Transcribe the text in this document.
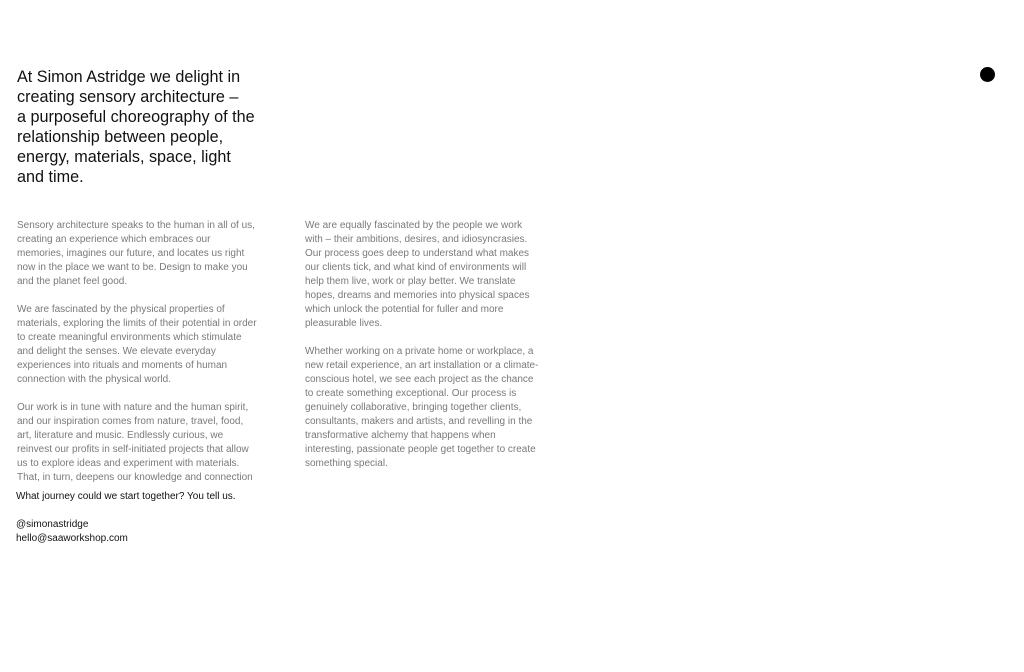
At Simon Astridge we delight in
creating sensory architecture –
a purposeful choreography of the
relationship between people,
energy, materials, space, light
and time.

Sensory architecture speaks to the human in all of us,
creating an experience which embraces our
memories, imagines our future, and locates us right
now in the place we want to be. Design to make you
and the planet feel good.

We are fascinated by the physical properties of
materials, exploring the limits of their potential in order
to create meaningful environments which stimulate
and delight the senses. We elevate everyday
experiences into rituals and moments of human
connection with the physical world.

Our work is in tune with nature and the human spirit,
and our inspiration comes from nature, travel, food,
art, literature and music. Endlessly curious, we
reinvest our profits in self-initiated projects that allow
us to explore ideas and experiment with materials.
That, in turn, deepens our knowledge and connection

We are equally fascinated by the people we work
with – their ambitions, desires, and idiosyncrasies.
Our process goes deep to understand what makes
our clients tick, and what kind of environments will
help them live, work or play better. We translate
hopes, dreams and memories into physical spaces
which unlock the potential for fuller and more
pleasurable lives.

Whether working on a private home or workplace, a
new retail experience, an art installation or a climate-
conscious hotel, we see each project as the chance
to create something exceptional. Our process is
genuinely collaborative, bringing together clients,
consultants, makers and artists, and revelling in the
transformative alchemy that happens when
interesting, passionate people get together to create
something special.

What journey could we start together? You tell us.
@simonastridge
hello@saaworkshop.com
